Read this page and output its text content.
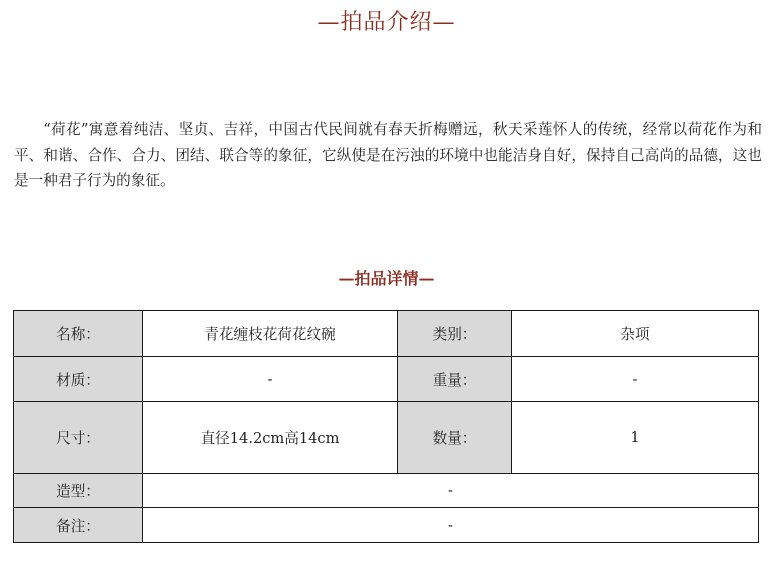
—拍品介绍—

“荷花”寓意着纯洁、坚贞、吉祥，中国古代民间就有春天折梅赠远，秋天采莲怀人的传统，经常以荷花作为和平、和谐、合作、合力、团结、联合等的象征，它纵使是在污浊的环境中也能洁身自好，保持自己高尚的品德，这也是一种君子行为的象征。

—拍品详情—
名称：	青花缠枝花荷花纹碗	类别：	杂项
材质：	-	重量：	-
尺寸：	直径14.2cm高14cm	数量：	1
造型：	-		
备注：	-		
